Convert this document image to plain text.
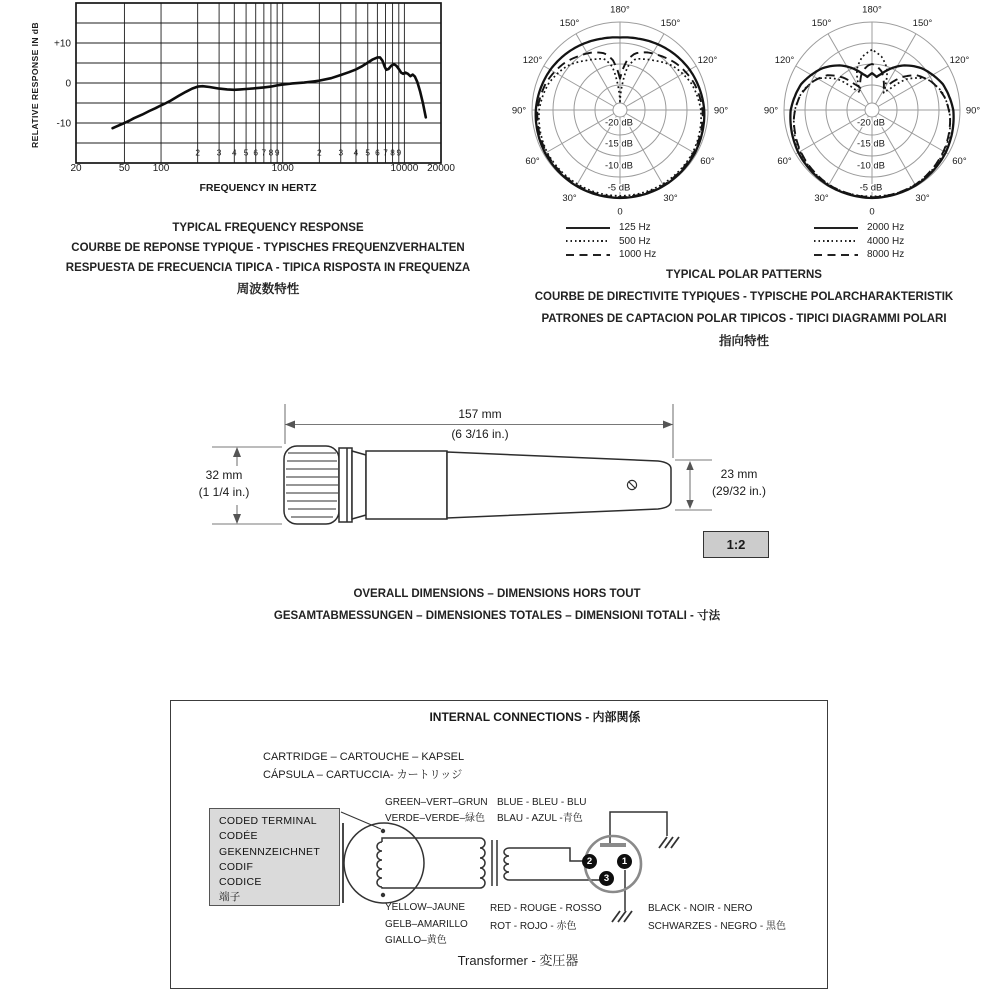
+10
0
-10
RELATIVE RESPONSE IN dB
20	50 100	1000	10000 20000
2	2
3	3
4	4
5	5
6	6
7	7
8	8
9	9
FREQUENCY IN HERTZ
TYPICAL FREQUENCY RESPONSE
COURBE DE REPONSE TYPIQUE - TYPISCHES FREQUENZVERHALTEN
RESPUESTA DE FRECUENCIA TIPICA - TIPICA RISPOSTA IN FREQUENZA
周波数特性
-20 dB
-15 dB
-10 dB
-5 dB
0
30°
30°
60°
60°
90°
90°
120°
120°
150°
150°
180°
-20 dB
-15 dB
-10 dB
-5 dB
0
30°
30°
60°
60°
90°
90°
120°
120°
150°
150°
180°
125 Hz
500 Hz
1000 Hz
2000 Hz
4000 Hz
8000 Hz
TYPICAL POLAR PATTERNS
COURBE DE DIRECTIVITE TYPIQUES - TYPISCHE POLARCHARAKTERISTIK
PATRONES DE CAPTACION POLAR TIPICOS - TIPICI DIAGRAMMI POLARI
指向特性
157 mm
(6 3/16 in.)
32 mm
(1 1/4 in.)
23 mm
(29/32 in.)
1:2
OVERALL DIMENSIONS – DIMENSIONS HORS TOUT
GESAMTABMESSUNGEN – DIMENSIONES TOTALES – DIMENSIONI TOTALI - 寸法
INTERNAL CONNECTIONS - 内部関係
CARTRIDGE – CARTOUCHE – KAPSEL
CÁPSULA – CARTUCCIA- カートリッジ
CODED TERMINAL
CODÉE
GEKENNZEICHNET
CODIF
CODICE
端子
GREEN–VERT–GRUN
VERDE–VERDE–緑色
BLUE - BLEU - BLU
BLAU - AZUL -青色
YELLOW–JAUNE
GELB–AMARILLO
GIALLO–黄色
RED - ROUGE - ROSSO
ROT - ROJO - 赤色
BLACK - NOIR - NERO
SCHWARZES - NEGRO - 黒色
2
3
1
Transformer - 変圧器
